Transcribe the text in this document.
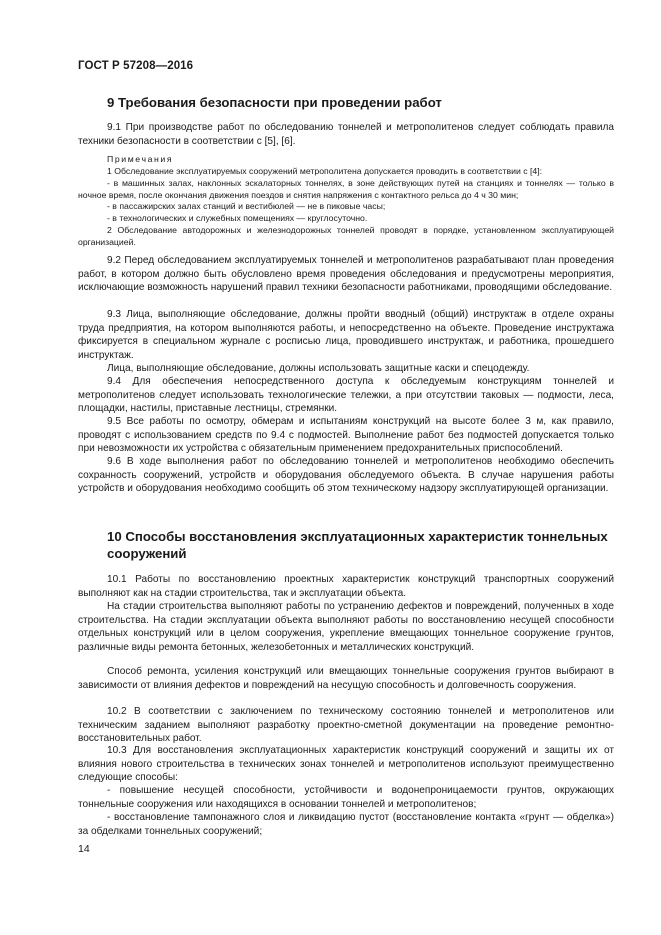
ГОСТ Р 57208—2016
9 Требования безопасности при проведении работ
9.1 При производстве работ по обследованию тоннелей и метрополитенов следует соблюдать правила техники безопасности в соответствии с [5], [6].
Примечания
1 Обследование эксплуатируемых сооружений метрополитена допускается проводить в соответствии с [4]:
- в машинных залах, наклонных эскалаторных тоннелях, в зоне действующих путей на станциях и тоннелях — только в ночное время, после окончания движения поездов и снятия напряжения с контактного рельса до 4 ч 30 мин;
- в пассажирских залах станций и вестибюлей — не в пиковые часы;
- в технологических и служебных помещениях — круглосуточно.
2 Обследование автодорожных и железнодорожных тоннелей проводят в порядке, установленном эксплуатирующей организацией.
9.2 Перед обследованием эксплуатируемых тоннелей и метрополитенов разрабатывают план проведения работ, в котором должно быть обусловлено время проведения обследования и предусмотрены мероприятия, исключающие возможность нарушений правил техники безопасности работниками, проводящими обследование.
9.3 Лица, выполняющие обследование, должны пройти вводный (общий) инструктаж в отделе охраны труда предприятия, на котором выполняются работы, и непосредственно на объекте. Проведение инструктажа фиксируется в специальном журнале с росписью лица, проводившего инструктаж, и работника, прошедшего инструктаж.
Лица, выполняющие обследование, должны использовать защитные каски и спецодежду.
9.4 Для обеспечения непосредственного доступа к обследуемым конструкциям тоннелей и метрополитенов следует использовать технологические тележки, а при отсутствии таковых — подмости, леса, площадки, настилы, приставные лестницы, стремянки.
9.5 Все работы по осмотру, обмерам и испытаниям конструкций на высоте более 3 м, как правило, проводят с использованием средств по 9.4 с подмостей. Выполнение работ без подмостей допускается только при невозможности их устройства с обязательным применением предохранительных приспособлений.
9.6 В ходе выполнения работ по обследованию тоннелей и метрополитенов необходимо обеспечить сохранность сооружений, устройств и оборудования обследуемого объекта. В случае нарушения работы устройств и оборудования необходимо сообщить об этом техническому надзору эксплуатирующей организации.
10 Способы восстановления эксплуатационных характеристик тоннельных
сооружений
10.1 Работы по восстановлению проектных характеристик конструкций транспортных сооружений выполняют как на стадии строительства, так и эксплуатации объекта.
На стадии строительства выполняют работы по устранению дефектов и повреждений, полученных в ходе строительства. На стадии эксплуатации объекта выполняют работы по восстановлению несущей способности отдельных конструкций или в целом сооружения, укрепление вмещающих тоннельное сооружение грунтов, различные виды ремонта бетонных, железобетонных и металлических конструкций.
Способ ремонта, усиления конструкций или вмещающих тоннельные сооружения грунтов выбирают в зависимости от влияния дефектов и повреждений на несущую способность и долговечность сооружения.
10.2 В соответствии с заключением по техническому состоянию тоннелей и метрополитенов или техническим заданием выполняют разработку проектно-сметной документации на проведение ремонтно-восстановительных работ.
10.3 Для восстановления эксплуатационных характеристик конструкций сооружений и защиты их от влияния нового строительства в технических зонах тоннелей и метрополитенов используют преимущественно следующие способы:
- повышение несущей способности, устойчивости и водонепроницаемости грунтов, окружающих тоннельные сооружения или находящихся в основании тоннелей и метрополитенов;
- восстановление тампонажного слоя и ликвидацию пустот (восстановление контакта «грунт — обделка») за обделками тоннельных сооружений;
14
